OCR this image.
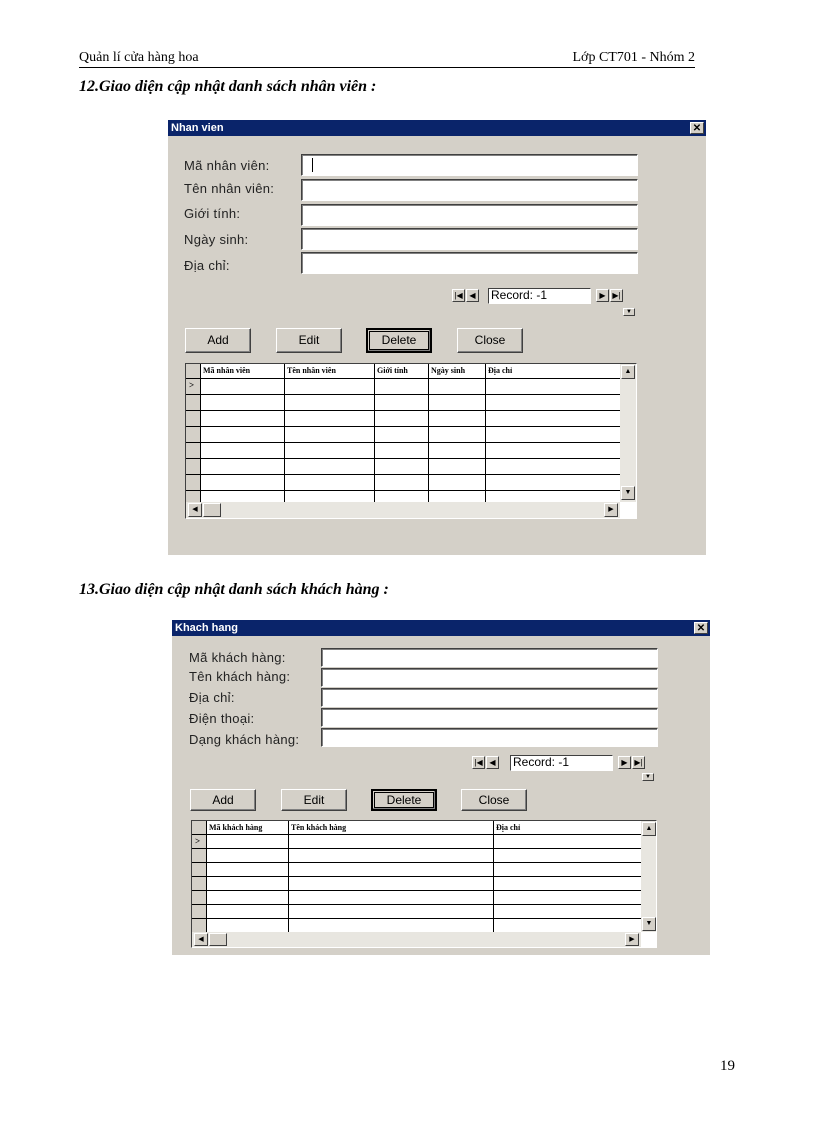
Quản lí cửa hàng hoa	Lớp CT701 - Nhóm 2
12.Giao diện cập nhật danh sách nhân viên :
Nhan vien	✕
Mã nhân viên:
Tên nhân viên:
Giới tính:
Ngày sinh:
Địa chỉ:
|◀ ◀ Record: -1	▶ ▶|
▼
Add	Edit	Delete	Close
Mã nhân viên	Tên nhân viên	Giới tính	Ngày sinh	Địa chỉ
>
▲
▼
◀	▶
13.Giao diện cập nhật danh sách khách hàng :
Khach hang	✕
Mã khách hàng:
Tên khách hàng:
Địa chỉ:
Điện thoại:
Dạng khách hàng:
|◀ ◀ Record: -1	▶ ▶|
▼
Add	Edit	Delete	Close
Mã khách hàng	Tên khách hàng	Địa chỉ
>
▲
▼
◀	▶
19
